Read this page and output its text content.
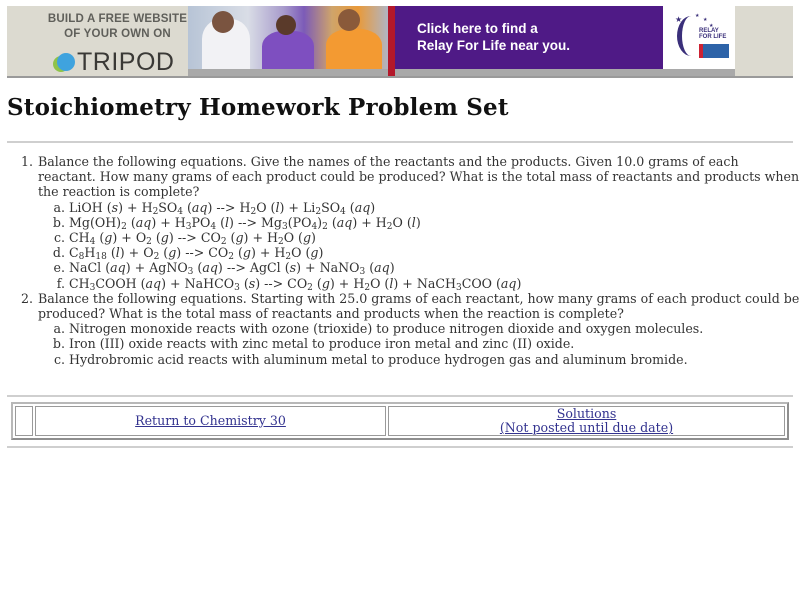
BUILD A FREE WEBSITE
OF YOUR OWN ON
TRIPOD
Click here to find a
Relay For Life near you.
★	★
★
★
RELAY
FOR LIFE
Stoichiometry Homework Problem Set
1. Balance the following equations. Give the names of the reactants and the products. Given 10.0 grams of each reactant. How many grams of each product could be produced? What is the total mass of reactants and products when the reaction is complete?
a. LiOH $(s) + H_2SO_4$ (aq) --> $H_2O$ $(l) + Li_2SO_4$ (aq)
b. $Mg(OH)_2$ $(aq) + H_3PO_4$ (l) --> $Mg_3(PO_4)_2$ $(aq) + H_2O$ (l)
c. $CH_4$ $(g) + O_2$ (g) --> $CO_2$ $(g) + H_2O$ (g)
d. $C_8H_{18}$ $(l) + O_2$ (g) --> $CO_2$ $(g) + H_2O$ (g)
e. NaCl (aq) + AgNO$_3$ (aq) --> AgCl (s) + NaNO$_3$ (aq)
f. $CH_3COOH$ (aq) + NaHCO$_3$ (s) --> $CO_2$ $(g) + H_2O$ (l) + NaCH$_3$COO (aq)
2. Balance the following equations. Starting with 25.0 grams of each reactant, how many grams of each product could be produced? What is the total mass of reactants and products when the reaction is complete?
a. Nitrogen monoxide reacts with ozone (trioxide) to produce nitrogen dioxide and oxygen molecules.
b. Iron (III) oxide reacts with zinc metal to produce iron metal and zinc (II) oxide.
c. Hydrobromic acid reacts with aluminum metal to produce hydrogen gas and aluminum bromide.
Return to Chemistry 30	Solutions
(Not posted until due date)
